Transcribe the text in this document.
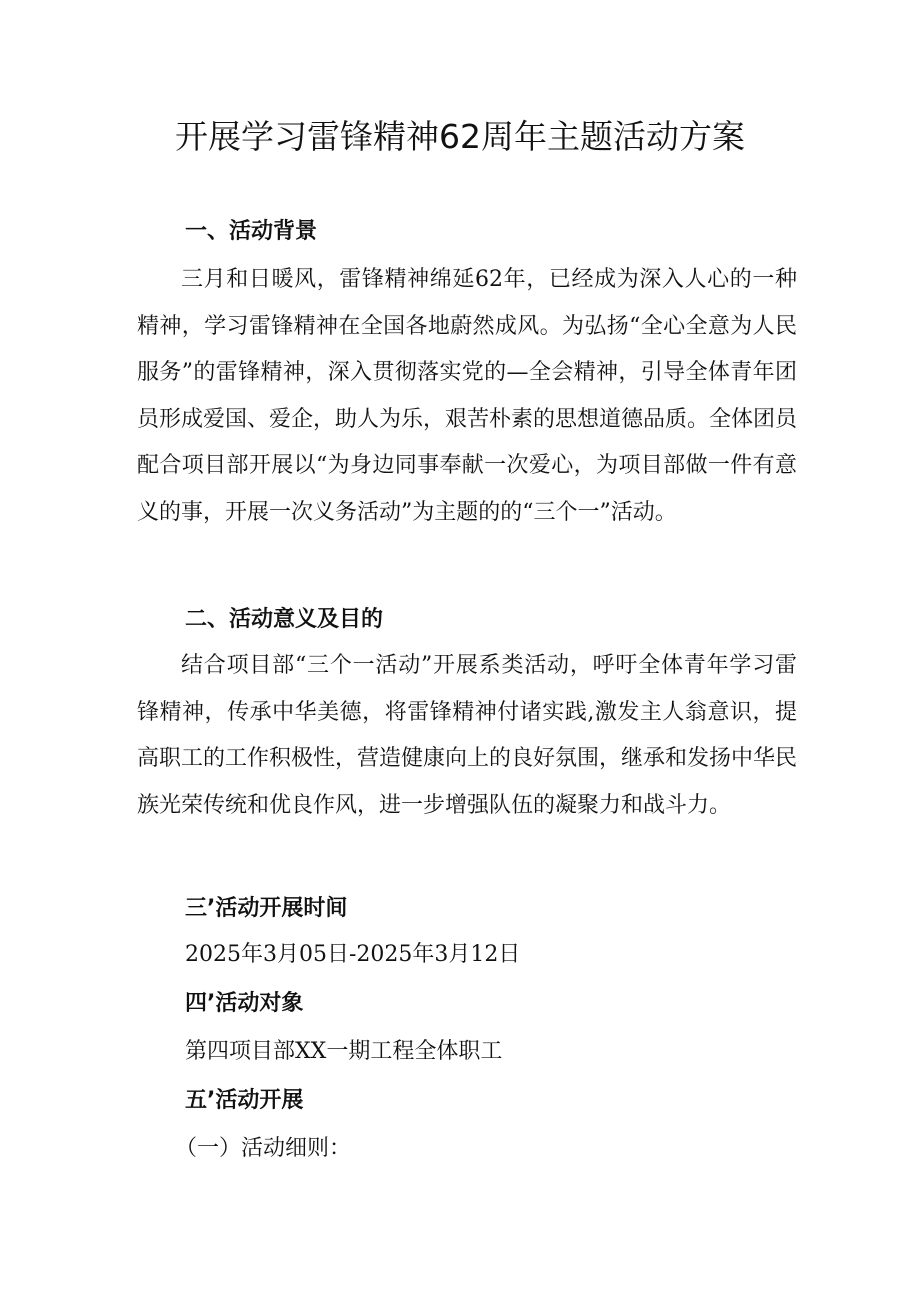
开展学习雷锋精神62周年主题活动方案
一、活动背景

三月和日暖风，雷锋精神绵延62年，已经成为深入人心的一种精神，学习雷锋精神在全国各地蔚然成风。为弘扬“全心全意为人民服务”的雷锋精神，深入贯彻落实党的—全会精神，引导全体青年团员形成爱国、爱企，助人为乐，艰苦朴素的思想道德品质。全体团员配合项目部开展以“为身边同事奉献一次爱心，为项目部做一件有意义的事，开展一次义务活动”为主题的的“三个一”活动。

二、活动意义及目的

结合项目部“三个一活动”开展系类活动，呼吁全体青年学习雷锋精神，传承中华美德，将雷锋精神付诸实践,激发主人翁意识，提高职工的工作积极性，营造健康向上的良好氛围，继承和发扬中华民族光荣传统和优良作风，进一步增强队伍的凝聚力和战斗力。

三’活动开展时间

2025年3月05日-2025年3月12日

四’活动对象

第四项目部XX一期工程全体职工

五’活动开展

（一）活动细则：
